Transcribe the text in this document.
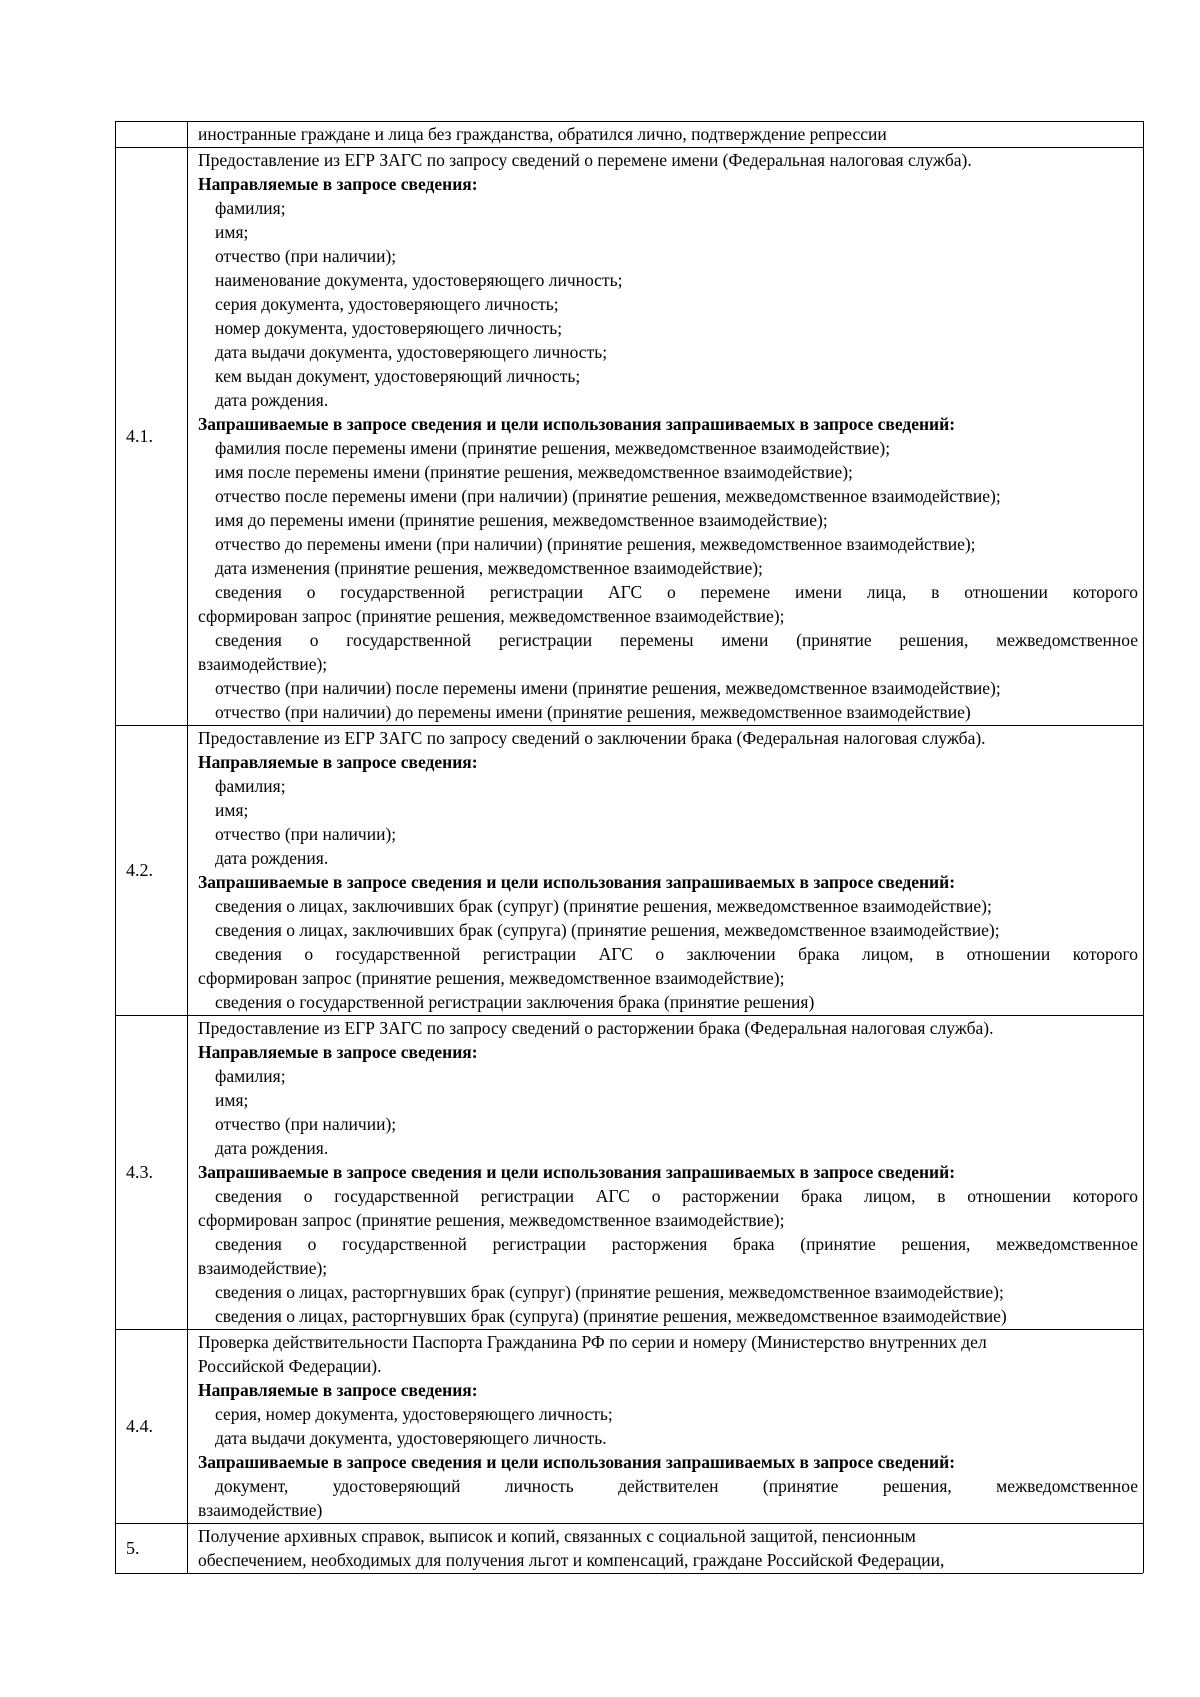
иностранные граждане и лица без гражданства, обратился лично, подтверждение репрессии
4.1.
Предоставление из ЕГР ЗАГС по запросу сведений о перемене имени (Федеральная налоговая служба).
Направляемые в запросе сведения:
фамилия;
имя;
отчество (при наличии);
наименование документа, удостоверяющего личность;
серия документа, удостоверяющего личность;
номер документа, удостоверяющего личность;
дата выдачи документа, удостоверяющего личность;
кем выдан документ, удостоверяющий личность;
дата рождения.
Запрашиваемые в запросе сведения и цели использования запрашиваемых в запросе сведений:
фамилия после перемены имени (принятие решения, межведомственное взаимодействие);
имя после перемены имени (принятие решения, межведомственное взаимодействие);
отчество после перемены имени (при наличии) (принятие решения, межведомственное взаимодействие);
имя до перемены имени (принятие решения, межведомственное взаимодействие);
отчество до перемены имени (при наличии) (принятие решения, межведомственное взаимодействие);
дата изменения (принятие решения, межведомственное взаимодействие);
сведения о государственной регистрации АГС о перемене имени лица, в отношении которого
сформирован запрос (принятие решения, межведомственное взаимодействие);
сведения о государственной регистрации перемены имени (принятие решения, межведомственное
взаимодействие);
отчество (при наличии) после перемены имени (принятие решения, межведомственное взаимодействие);
отчество (при наличии) до перемены имени (принятие решения, межведомственное взаимодействие)
4.2.
Предоставление из ЕГР ЗАГС по запросу сведений о заключении брака (Федеральная налоговая служба).
Направляемые в запросе сведения:
фамилия;
имя;
отчество (при наличии);
дата рождения.
Запрашиваемые в запросе сведения и цели использования запрашиваемых в запросе сведений:
сведения о лицах, заключивших брак (супруг) (принятие решения, межведомственное взаимодействие);
сведения о лицах, заключивших брак (супруга) (принятие решения, межведомственное взаимодействие);
сведения о государственной регистрации АГС о заключении брака лицом, в отношении которого
сформирован запрос (принятие решения, межведомственное взаимодействие);
сведения о государственной регистрации заключения брака (принятие решения)
4.3.
Предоставление из ЕГР ЗАГС по запросу сведений о расторжении брака (Федеральная налоговая служба).
Направляемые в запросе сведения:
фамилия;
имя;
отчество (при наличии);
дата рождения.
Запрашиваемые в запросе сведения и цели использования запрашиваемых в запросе сведений:
сведения о государственной регистрации АГС о расторжении брака лицом, в отношении которого
сформирован запрос (принятие решения, межведомственное взаимодействие);
сведения о государственной регистрации расторжения брака (принятие решения, межведомственное
взаимодействие);
сведения о лицах, расторгнувших брак (супруг) (принятие решения, межведомственное взаимодействие);
сведения о лицах, расторгнувших брак (супруга) (принятие решения, межведомственное взаимодействие)
4.4.
Проверка действительности Паспорта Гражданина РФ по серии и номеру (Министерство внутренних дел
Российской Федерации).
Направляемые в запросе сведения:
серия, номер документа, удостоверяющего личность;
дата выдачи документа, удостоверяющего личность.
Запрашиваемые в запросе сведения и цели использования запрашиваемых в запросе сведений:
документ, удостоверяющий личность действителен (принятие решения, межведомственное
взаимодействие)
5.
Получение архивных справок, выписок и копий, связанных с социальной защитой, пенсионным
обеспечением, необходимых для получения льгот и компенсаций, граждане Российской Федерации,
